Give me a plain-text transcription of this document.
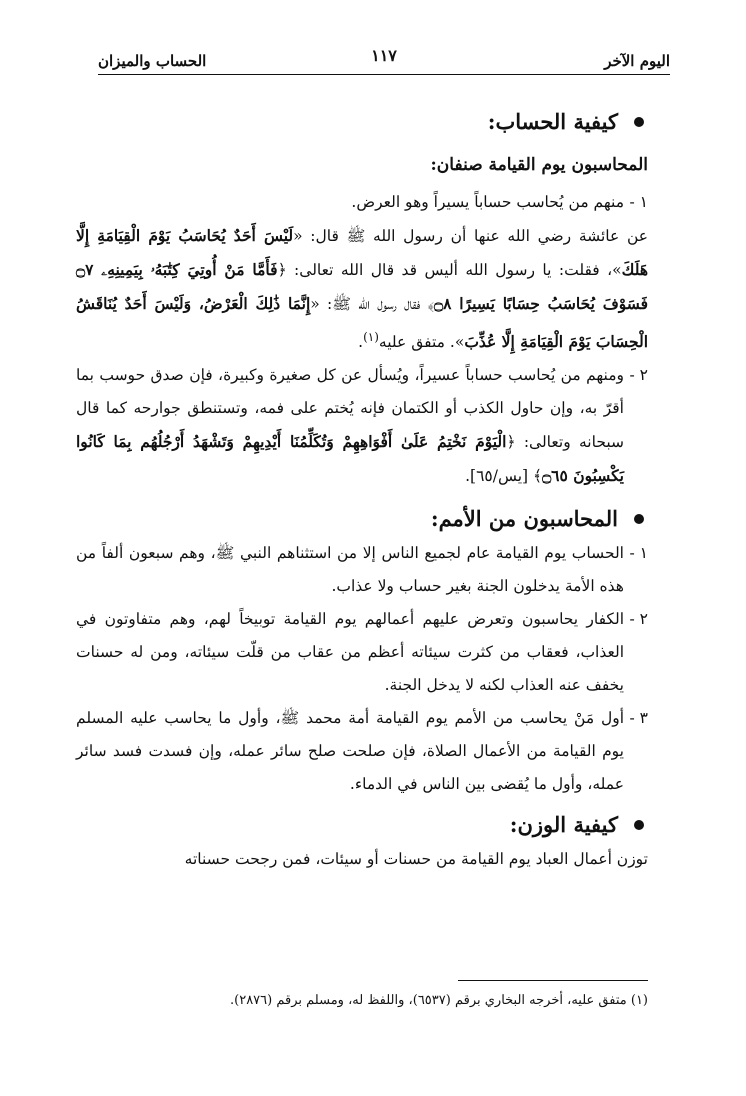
اليوم الآخر
١١٧
الحساب والميزان
كيفية الحساب:

المحاسبون يوم القيامة صنفان:

١ -
منهم من يُحاسب حساباً يسيراً وهو العرض.

عن عائشة رضي الله عنها أن رسول الله ﷺ قال: «لَيْسَ أَحَدٌ يُحَاسَبُ يَوْمَ الْقِيَامَةِ إِلَّا هَلَكَ»، فقلت: يا رسول الله أليس قد قال الله تعالى: ﴿فَأَمَّا مَنْ أُوتِيَ كِتَٰبَهُۥ بِيَمِينِهِۦ ۝٧ فَسَوْفَ يُحَاسَبُ حِسَابًا يَسِيرًا ۝٨﴾ فقال رسول الله ﷺ: «إِنَّمَا ذَٰلِكَ الْعَرْضُ، وَلَيْسَ أَحَدٌ يُنَاقَشُ الْحِسَابَ يَوْمَ الْقِيَامَةِ إِلَّا عُذِّبَ». متفق عليه$^{(١)}$.

٢ -
ومنهم من يُحاسب حساباً عسيراً، ويُسأل عن كل صغيرة وكبيرة، فإن صدق حوسب بما أقرّ به، وإن حاول الكذب أو الكتمان فإنه يُختم على فمه، وتستنطق جوارحه كما قال سبحانه وتعالى: ﴿الْيَوْمَ نَخْتِمُ عَلَىٰ أَفْوَاهِهِمْ وَتُكَلِّمُنَا أَيْدِيهِمْ وَتَشْهَدُ أَرْجُلُهُم بِمَا كَانُوا يَكْسِبُونَ ۝٦٥﴾ [يس/٦٥].

المحاسبون من الأمم:

١ -
الحساب يوم القيامة عام لجميع الناس إلا من استثناهم النبي ﷺ، وهم سبعون ألفاً من هذه الأمة يدخلون الجنة بغير حساب ولا عذاب.

٢ -
الكفار يحاسبون وتعرض عليهم أعمالهم يوم القيامة توبيخاً لهم، وهم متفاوتون في العذاب، فعقاب من كثرت سيئاته أعظم من عقاب من قلّت سيئاته، ومن له حسنات يخفف عنه العذاب لكنه لا يدخل الجنة.

٣ -
أول مَنْ يحاسب من الأمم يوم القيامة أمة محمد ﷺ، وأول ما يحاسب عليه المسلم يوم القيامة من الأعمال الصلاة، فإن صلحت صلح سائر عمله، وإن فسدت فسد سائر عمله، وأول ما يُقضى بين الناس في الدماء.

كيفية الوزن:

توزن أعمال العباد يوم القيامة من حسنات أو سيئات، فمن رجحت حسناته

(١) متفق عليه، أخرجه البخاري برقم (٦٥٣٧)، واللفظ له، ومسلم برقم (٢٨٧٦).
